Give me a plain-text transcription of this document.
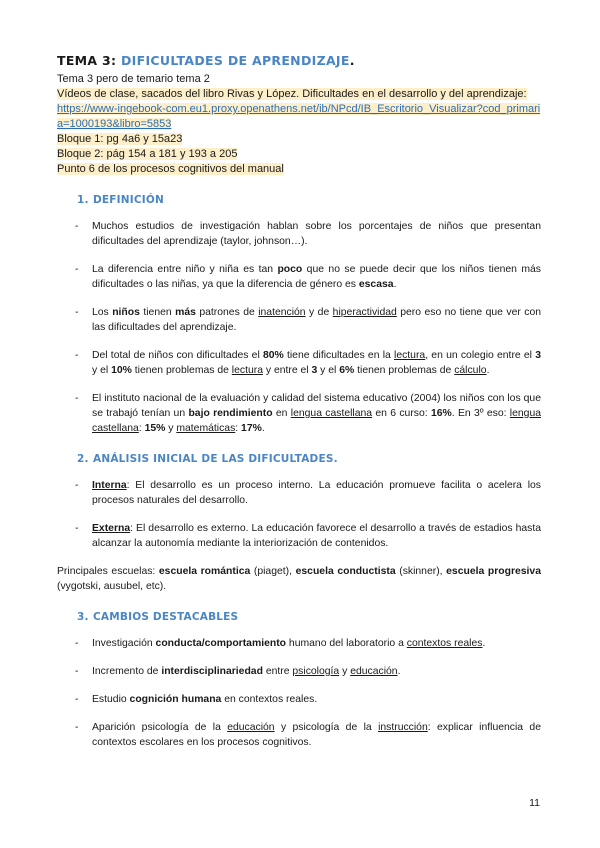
TEMA 3: DIFICULTADES DE APRENDIZAJE.
Tema 3 pero de temario tema 2
Vídeos de clase, sacados del libro Rivas y López. Dificultades en el desarrollo y del aprendizaje:
https://www-ingebook-com.eu1.proxy.openathens.net/ib/NPcd/IB_Escritorio_Visualizar?cod_primaria=1000193&libro=5853
Bloque 1: pg 4a6 y 15a23
Bloque 2: pág 154 a 181 y 193 a 205
Punto 6 de los procesos cognitivos del manual
1. DEFINICIÓN
- Muchos estudios de investigación hablan sobre los porcentajes de niños que presentan dificultades del aprendizaje (taylor, johnson…).
- La diferencia entre niño y niña es tan poco que no se puede decir que los niños tienen más dificultades o las niñas, ya que la diferencia de género es escasa.
- Los niños tienen más patrones de inatención y de hiperactividad pero eso no tiene que ver con las dificultades del aprendizaje.
- Del total de niños con dificultades el 80% tiene dificultades en la lectura, en un colegio entre el 3 y el 10% tienen problemas de lectura y entre el 3 y el 6% tienen problemas de cálculo.
- El instituto nacional de la evaluación y calidad del sistema educativo (2004) los niños con los que se trabajó tenían un bajo rendimiento en lengua castellana en 6 curso: 16%. En 3º eso: lengua castellana: 15% y matemáticas: 17%.
2. ANÁLISIS INICIAL DE LAS DIFICULTADES.
- Interna: El desarrollo es un proceso interno. La educación promueve facilita o acelera los procesos naturales del desarrollo.
- Externa: El desarrollo es externo. La educación favorece el desarrollo a través de estadios hasta alcanzar la autonomía mediante la interiorización de contenidos.
Principales escuelas: escuela romántica (piaget), escuela conductista (skinner), escuela progresiva (vygotski, ausubel, etc).
3. CAMBIOS DESTACABLES
- Investigación conducta/comportamiento humano del laboratorio a contextos reales.
- Incremento de interdisciplinariedad entre psicología y educación.
- Estudio cognición humana en contextos reales.
- Aparición psicología de la educación y psicología de la instrucción: explicar influencia de contextos escolares en los procesos cognitivos.
11
